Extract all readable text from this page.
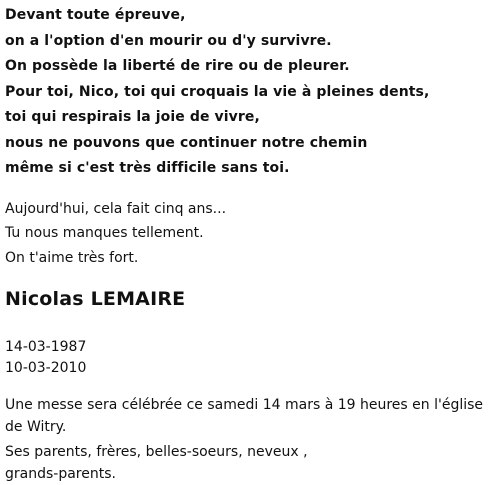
Devant toute épreuve,
on a l'option d'en mourir ou d'y survivre.
On possède la liberté de rire ou de pleurer.
Pour toi, Nico, toi qui croquais la vie à pleines dents,
toi qui respirais la joie de vivre,
nous ne pouvons que continuer notre chemin
même si c'est très difficile sans toi.
Aujourd'hui, cela fait cinq ans...
Tu nous manques tellement.
On t'aime très fort.
Nicolas LEMAIRE
14-03-1987
10-03-2010
Une messe sera célébrée ce samedi 14 mars à 19 heures en l'église de Witry.
Ses parents, frères, belles-soeurs, neveux ,
grands-parents.
